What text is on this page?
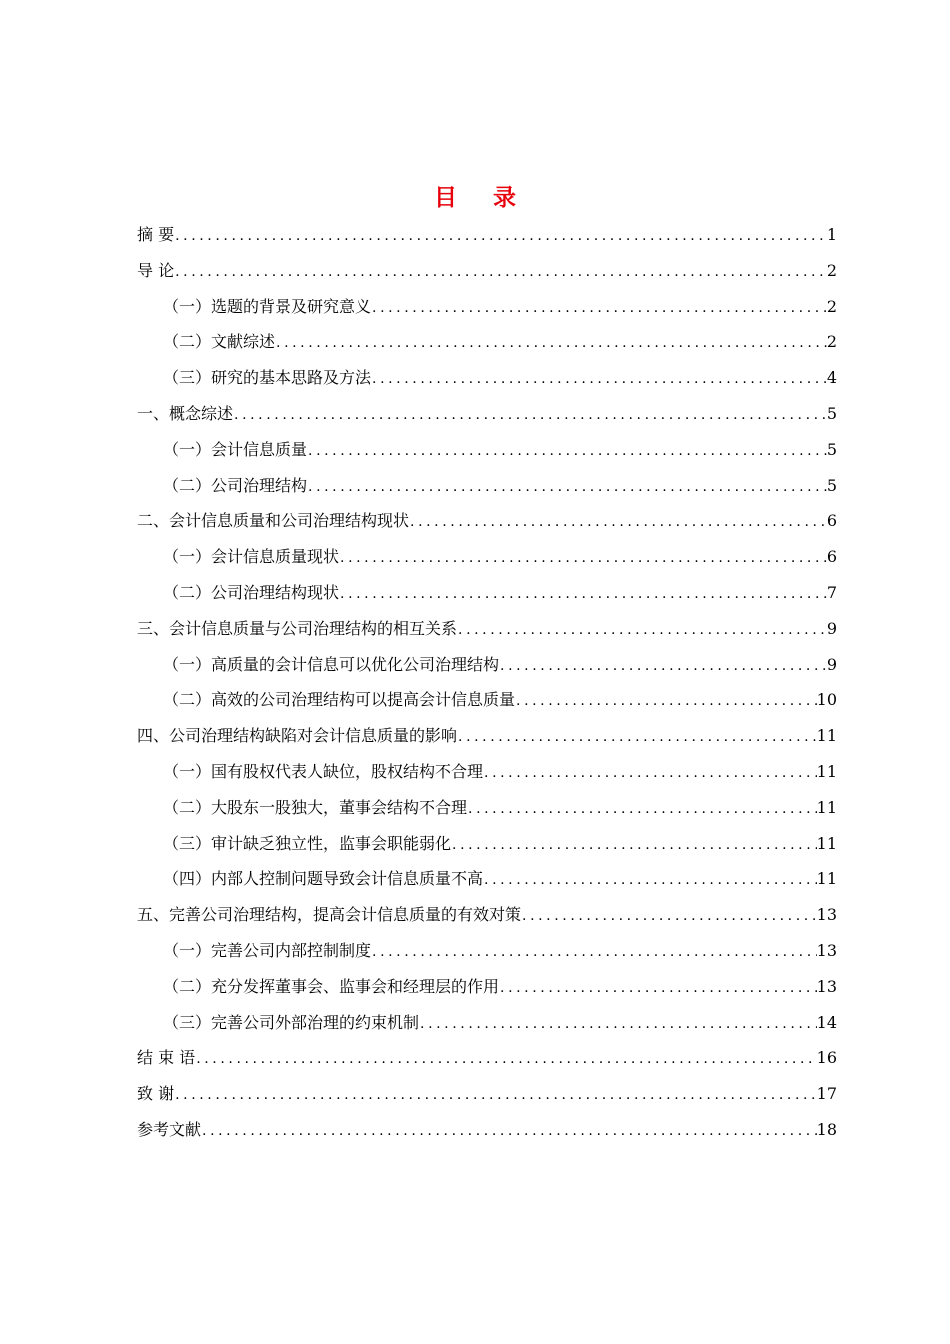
目 录
摘 要 .....	1
导 论 .....	2
（一）选题的背景及研究意义 .....	2
（二）文献综述 .....	2
（三）研究的基本思路及方法 .....	4
一、概念综述 .....	5
（一）会计信息质量 .....	5
（二）公司治理结构 .....	5
二、会计信息质量和公司治理结构现状 .....	6
（一）会计信息质量现状 .....	6
（二）公司治理结构现状 .....	7
三、会计信息质量与公司治理结构的相互关系 .....	9
（一）高质量的会计信息可以优化公司治理结构 .....	9
（二）高效的公司治理结构可以提高会计信息质量 .....	10
四、公司治理结构缺陷对会计信息质量的影响 .....	11
（一）国有股权代表人缺位，股权结构不合理 .....	11
（二）大股东一股独大，董事会结构不合理 .....	11
（三）审计缺乏独立性，监事会职能弱化 .....	11
（四）内部人控制问题导致会计信息质量不高 .....	11
五、完善公司治理结构，提高会计信息质量的有效对策 .....	13
（一）完善公司内部控制制度 .....	13
（二）充分发挥董事会、监事会和经理层的作用 .....	13
（三）完善公司外部治理的约束机制 .....	14
结 束 语 .....	16
致 谢 .....	17
参考文献 .....	18
